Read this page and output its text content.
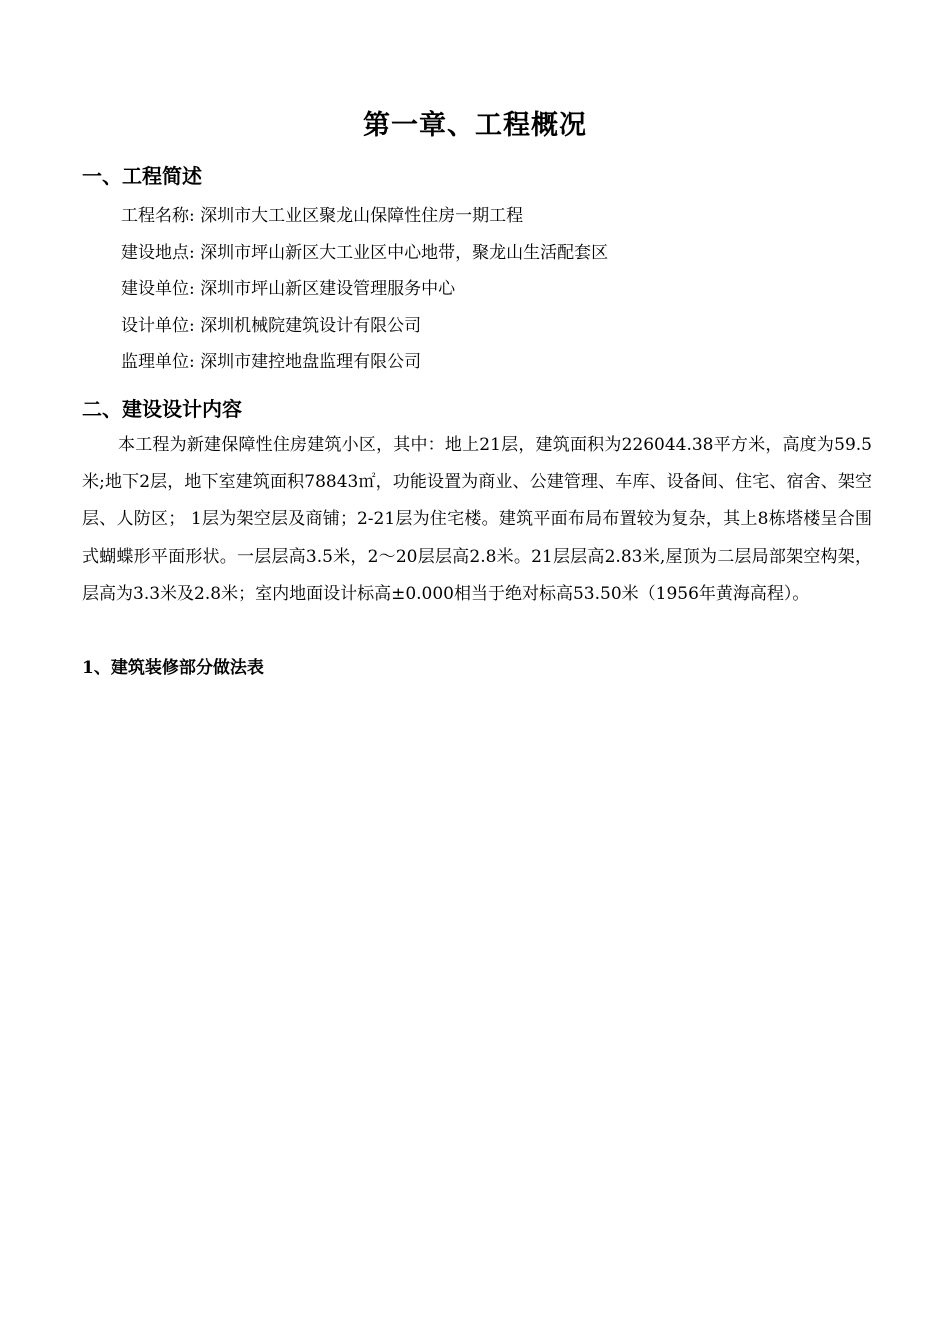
第一章、工程概况
一、工程简述
工程名称: 深圳市大工业区聚龙山保障性住房一期工程
建设地点: 深圳市坪山新区大工业区中心地带，聚龙山生活配套区
建设单位: 深圳市坪山新区建设管理服务中心
设计单位: 深圳机械院建筑设计有限公司
监理单位: 深圳市建控地盘监理有限公司
二、建设设计内容

本工程为新建保障性住房建筑小区，其中：地上21层，建筑面积为226044.38平方米，高度为59.5米;地下2层，地下室建筑面积78843㎡，功能设置为商业、公建管理、车库、设备间、住宅、宿舍、架空层、人防区； 1层为架空层及商铺；2-21层为住宅楼。建筑平面布局布置较为复杂，其上8栋塔楼呈合围式蝴蝶形平面形状。一层层高3.5米，2～20层层高2.8米。21层层高2.83米,屋顶为二层局部架空构架，层高为3.3米及2.8米；室内地面设计标高±0.000相当于绝对标高53.50米（1956年黄海高程）。

1、建筑装修部分做法表
